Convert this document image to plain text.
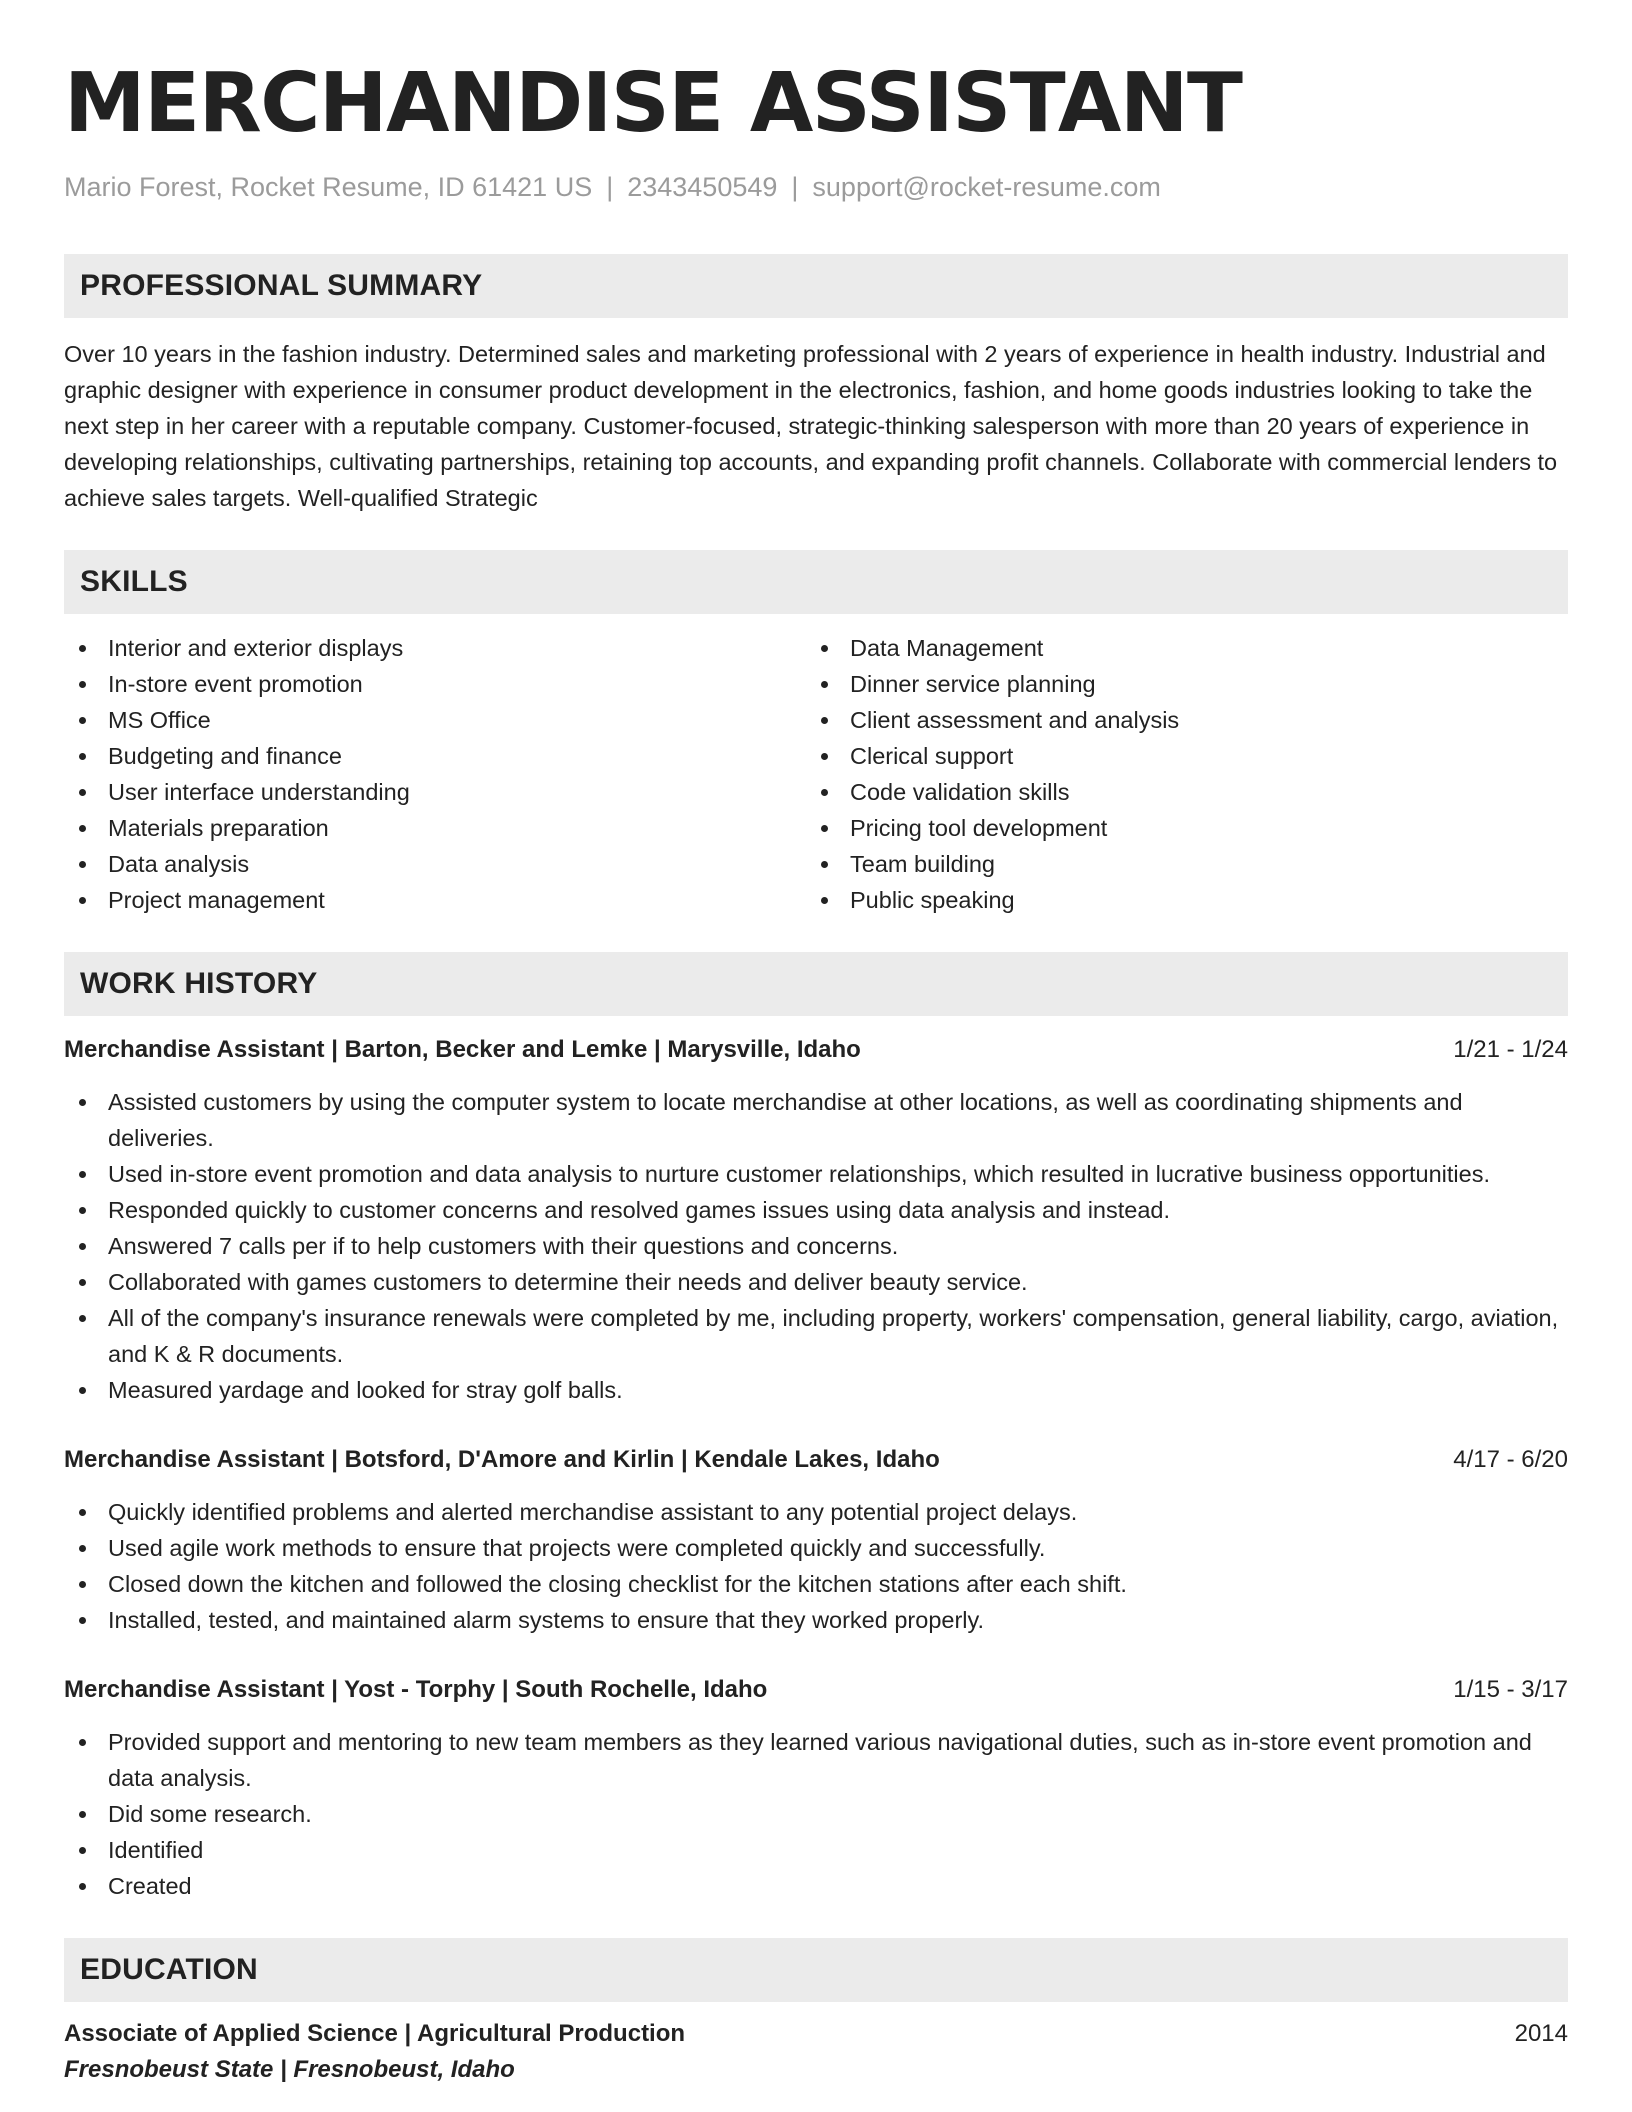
MERCHANDISE ASSISTANT
Mario Forest, Rocket Resume, ID 61421 US | 2343450549 | support@rocket-resume.com
PROFESSIONAL SUMMARY

Over 10 years in the fashion industry. Determined sales and marketing professional with 2 years of experience in health industry. Industrial and graphic designer with experience in consumer product development in the electronics, fashion, and home goods industries looking to take the next step in her career with a reputable company. Customer-focused, strategic-thinking salesperson with more than 20 years of experience in developing relationships, cultivating partnerships, retaining top accounts, and expanding profit channels. Collaborate with commercial lenders to achieve sales targets. Well-qualified Strategic

SKILLS
Interior and exterior displays
In-store event promotion
MS Office
Budgeting and finance
User interface understanding
Materials preparation
Data analysis
Project management
Data Management
Dinner service planning
Client assessment and analysis
Clerical support
Code validation skills
Pricing tool development
Team building
Public speaking
WORK HISTORY
Merchandise Assistant | Barton, Becker and Lemke | Marysville, Idaho	1/21 - 1/24
Assisted customers by using the computer system to locate merchandise at other locations, as well as coordinating shipments and deliveries.
Used in-store event promotion and data analysis to nurture customer relationships, which resulted in lucrative business opportunities.
Responded quickly to customer concerns and resolved games issues using data analysis and instead.
Answered 7 calls per if to help customers with their questions and concerns.
Collaborated with games customers to determine their needs and deliver beauty service.
All of the company's insurance renewals were completed by me, including property, workers' compensation, general liability, cargo, aviation, and K & R documents.
Measured yardage and looked for stray golf balls.
Merchandise Assistant | Botsford, D'Amore and Kirlin | Kendale Lakes, Idaho	4/17 - 6/20
Quickly identified problems and alerted merchandise assistant to any potential project delays.
Used agile work methods to ensure that projects were completed quickly and successfully.
Closed down the kitchen and followed the closing checklist for the kitchen stations after each shift.
Installed, tested, and maintained alarm systems to ensure that they worked properly.
Merchandise Assistant | Yost - Torphy | South Rochelle, Idaho	1/15 - 3/17
Provided support and mentoring to new team members as they learned various navigational duties, such as in-store event promotion and data analysis.
Did some research.
Identified
Created
EDUCATION
Associate of Applied Science | Agricultural Production	2014
Fresnobeust State | Fresnobeust, Idaho
